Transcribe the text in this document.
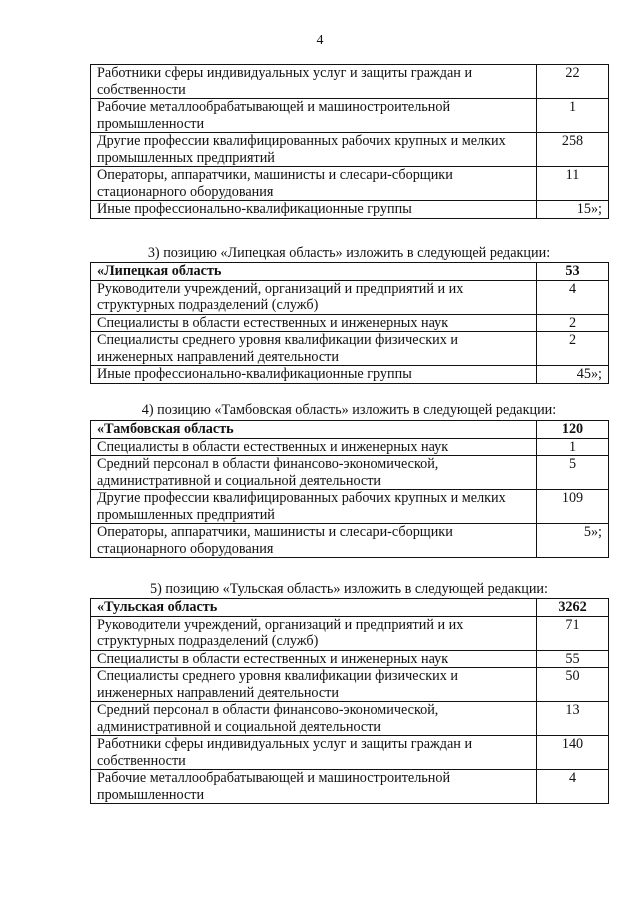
4
Работники сферы индивидуальных услуг и защиты граждан и собственности	22
Рабочие металлообрабатывающей и машиностроительной промышленности	1
Другие профессии квалифицированных рабочих крупных и мелких промышленных предприятий	258
Операторы, аппаратчики, машинисты и слесари-сборщики стационарного оборудования	11
Иные профессионально-квалификационные группы	15»;
3) позицию «Липецкая область» изложить в следующей редакции:
«Липецкая область	53
Руководители учреждений, организаций и предприятий и их структурных подразделений (служб)	4
Специалисты в области естественных и инженерных наук	2
Специалисты среднего уровня квалификации физических и инженерных направлений деятельности	2
Иные профессионально-квалификационные группы	45»;
4) позицию «Тамбовская область» изложить в следующей редакции:
«Тамбовская область	120
Специалисты в области естественных и инженерных наук	1
Средний персонал в области финансово-экономической, административной и социальной деятельности	5
Другие профессии квалифицированных рабочих крупных и мелких промышленных предприятий	109
Операторы, аппаратчики, машинисты и слесари-сборщики стационарного оборудования	5»;
5) позицию «Тульская область» изложить в следующей редакции:
«Тульская область	3262
Руководители учреждений, организаций и предприятий и их структурных подразделений (служб)	71
Специалисты в области естественных и инженерных наук	55
Специалисты среднего уровня квалификации физических и инженерных направлений деятельности	50
Средний персонал в области финансово-экономической, административной и социальной деятельности	13
Работники сферы индивидуальных услуг и защиты граждан и собственности	140
Рабочие металлообрабатывающей и машиностроительной промышленности	4
